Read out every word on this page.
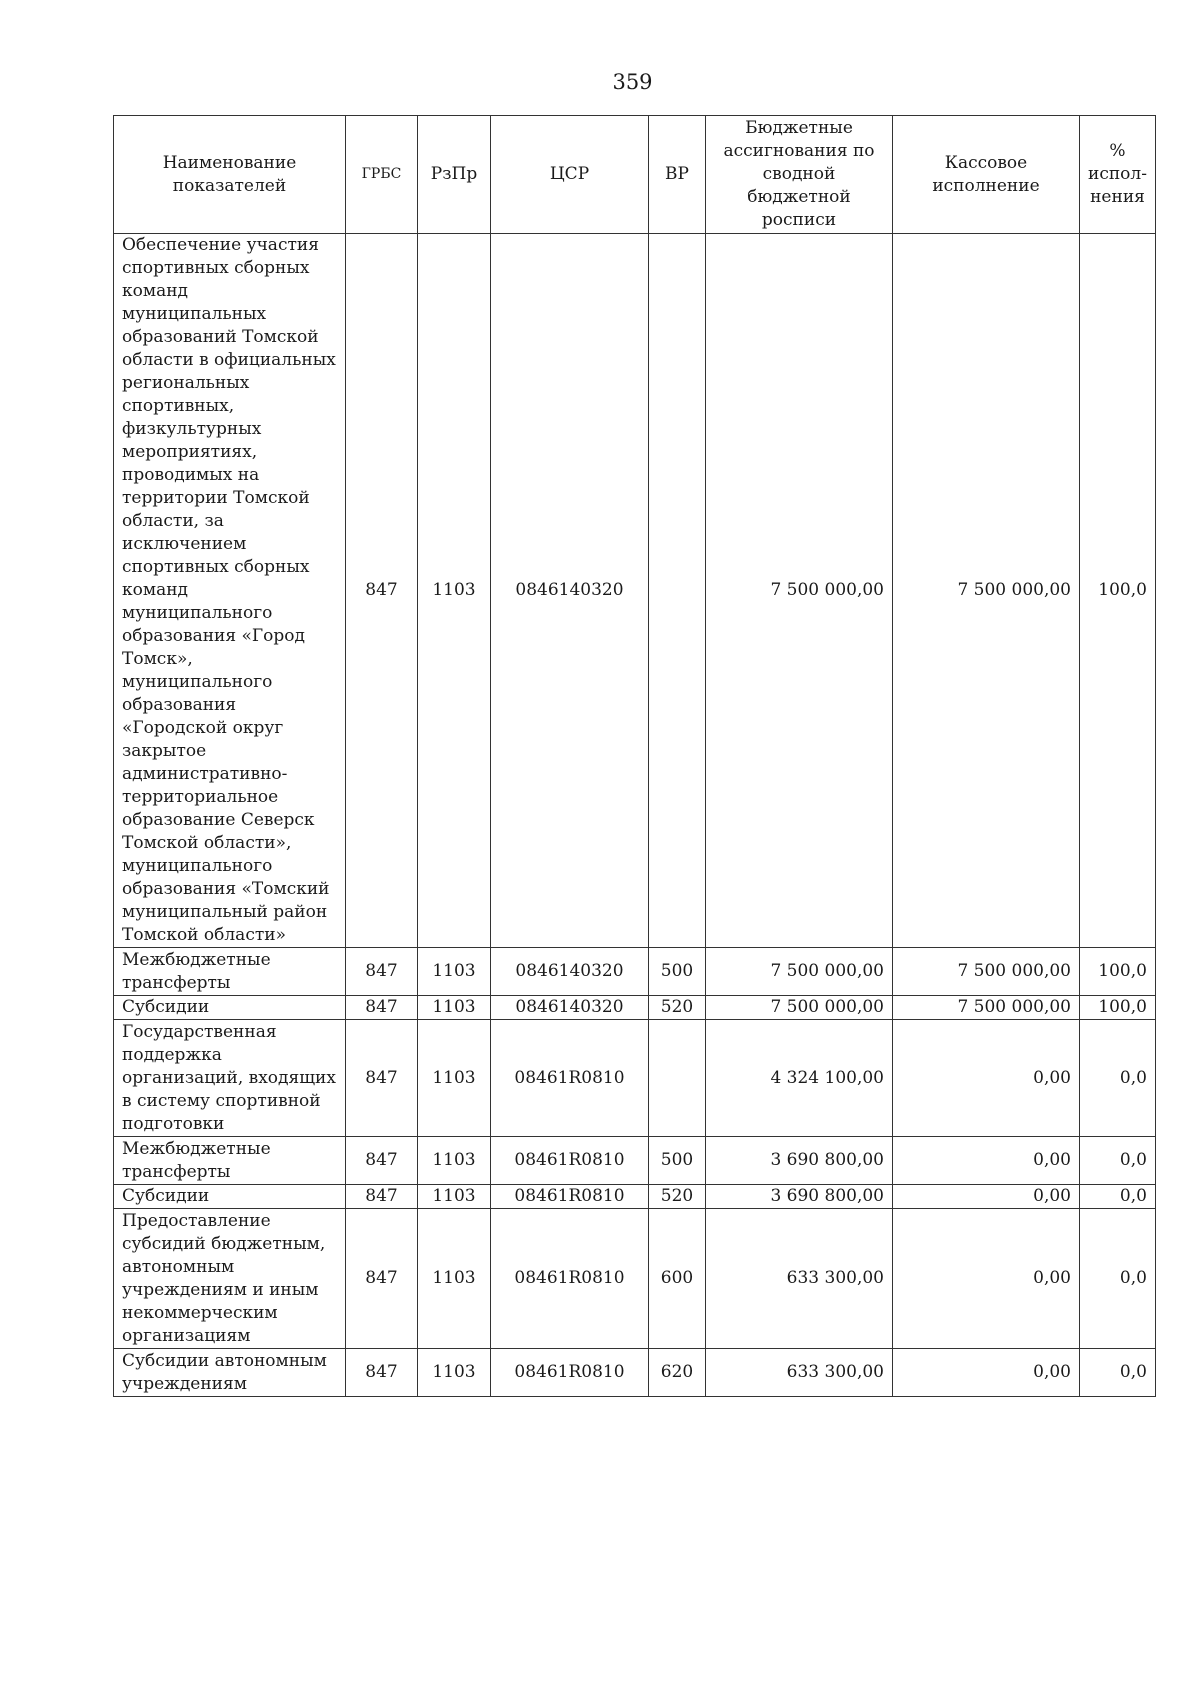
359
Наименование показателей	ГРБС	РзПр	ЦСР	ВР	Бюджетные ассигнования по сводной бюджетной росписи	Кассовое исполнение	% испол-нения
Обеспечение участия спортивных сборных команд муниципальных образований Томской области в официальных региональных спортивных, физкультурных мероприятиях, проводимых на территории Томской области, за исключением спортивных сборных команд муниципального образования «Город Томск», муниципального образования «Городской округ закрытое административно-территориальное образование Северск Томской области», муниципального образования «Томский муниципальный район Томской области»	847	1103	0846140320		7 500 000,00	7 500 000,00	100,0
Межбюджетные трансферты	847	1103	0846140320	500	7 500 000,00	7 500 000,00	100,0
Субсидии	847	1103	0846140320	520	7 500 000,00	7 500 000,00	100,0
Государственная поддержка организаций, входящих в систему спортивной подготовки	847	1103	08461R0810		4 324 100,00	0,00	0,0
Межбюджетные трансферты	847	1103	08461R0810	500	3 690 800,00	0,00	0,0
Субсидии	847	1103	08461R0810	520	3 690 800,00	0,00	0,0
Предоставление субсидий бюджетным, автономным учреждениям и иным некоммерческим организациям	847	1103	08461R0810	600	633 300,00	0,00	0,0
Субсидии автономным учреждениям	847	1103	08461R0810	620	633 300,00	0,00	0,0
